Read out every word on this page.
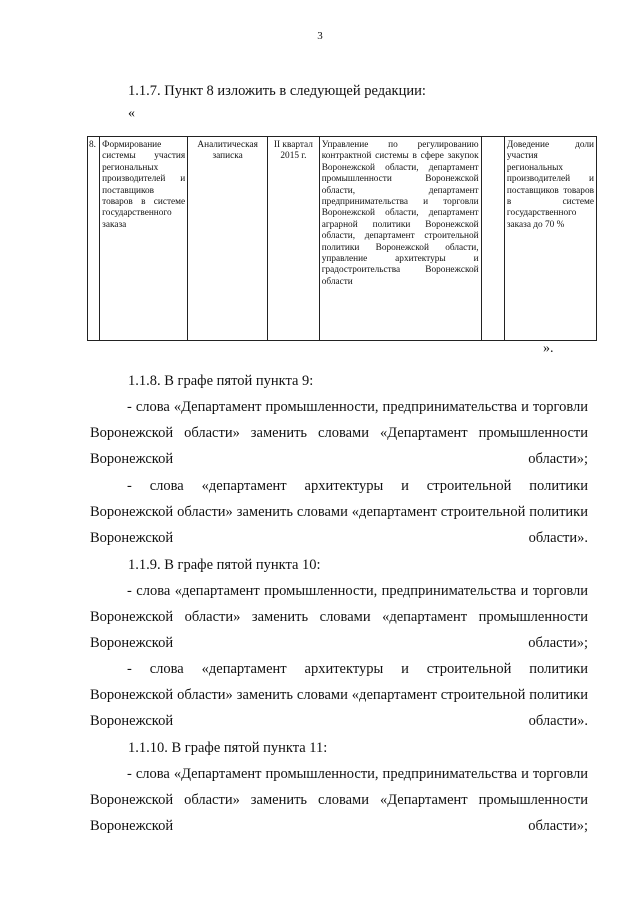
3
1.1.7. Пункт 8 изложить в следующей редакции:
«
8.	Формирование системы участия региональных производителей и поставщиков товаров в системе государственного заказа	Аналитическая записка	II квартал 2015 г.	Управление по регулированию контрактной системы в сфере закупок Воронежской области, департамент промышленности Воронежской области, департамент предпринимательства и торговли Воронежской области, департамент аграрной политики Воронежской области, департамент строительной политики Воронежской области, управление архитектуры и градостроительства Воронежской области		Доведение доли участия региональных производителей и поставщиков товаров в системе государственного заказа до 70 %
».
1.1.8. В графе пятой пункта 9:
- слова «Департамент промышленности, предпринимательства и торговли Воронежской области» заменить словами «Департамент промышленности Воронежской области»;
- слова «департамент архитектуры и строительной политики Воронежской области» заменить словами «департамент строительной политики Воронежской области».
1.1.9. В графе пятой пункта 10:
- слова «департамент промышленности, предпринимательства и торговли Воронежской области» заменить словами «департамент промышленности Воронежской области»;
- слова «департамент архитектуры и строительной политики Воронежской области» заменить словами «департамент строительной политики Воронежской области».
1.1.10. В графе пятой пункта 11:
- слова «Департамент промышленности, предпринимательства и торговли Воронежской области» заменить словами «Департамент промышленности Воронежской области»;
